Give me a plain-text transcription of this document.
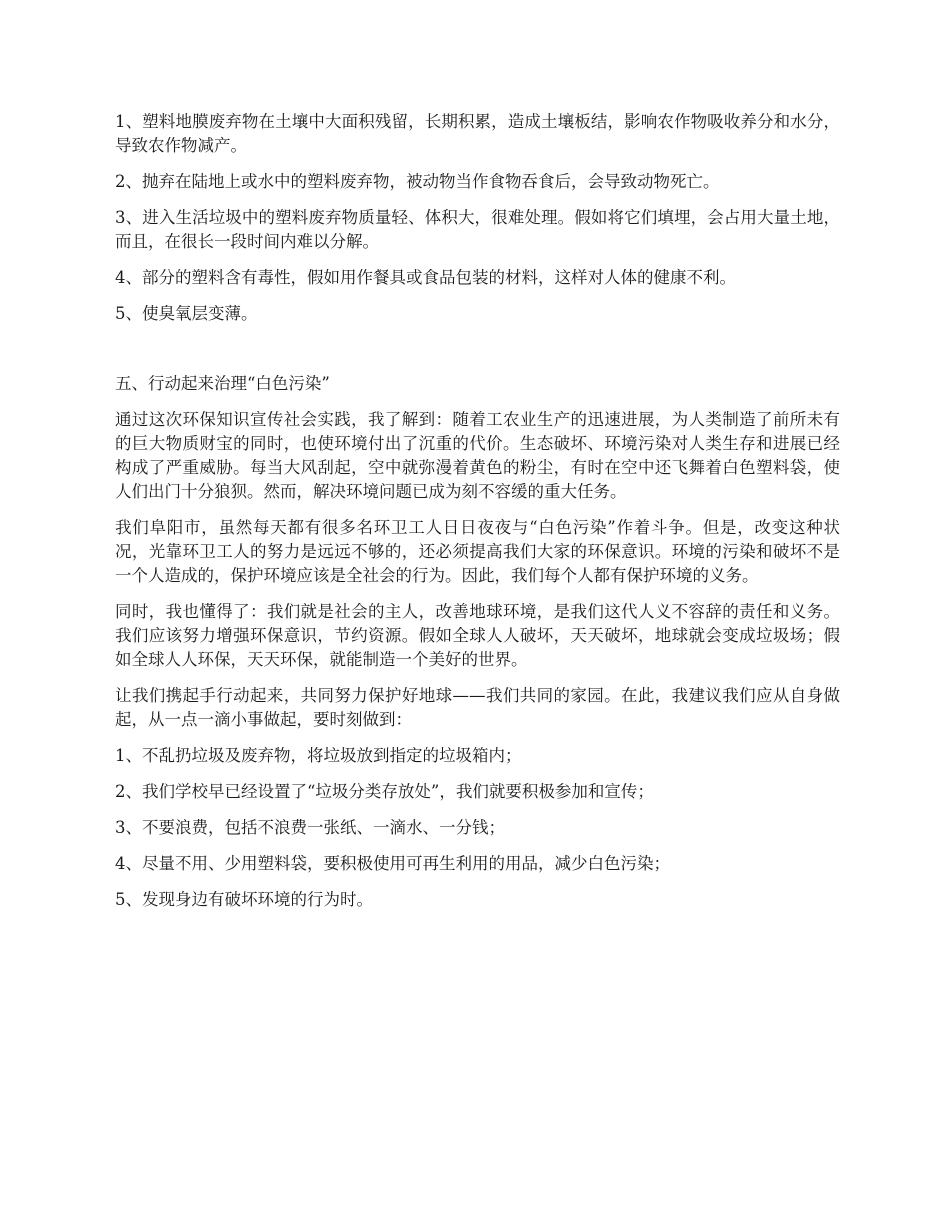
1、塑料地膜废弃物在土壤中大面积残留，长期积累，造成土壤板结，影响农作物吸收养分和水分，导致农作物减产。

2、抛弃在陆地上或水中的塑料废弃物，被动物当作食物吞食后，会导致动物死亡。

3、进入生活垃圾中的塑料废弃物质量轻、体积大，很难处理。假如将它们填埋，会占用大量土地，而且，在很长一段时间内难以分解。

4、部分的塑料含有毒性，假如用作餐具或食品包装的材料，这样对人体的健康不利。

5、使臭氧层变薄。

五、行动起来治理“白色污染”

通过这次环保知识宣传社会实践，我了解到：随着工农业生产的迅速进展，为人类制造了前所未有的巨大物质财宝的同时，也使环境付出了沉重的代价。生态破坏、环境污染对人类生存和进展已经构成了严重威胁。每当大风刮起，空中就弥漫着黄色的粉尘，有时在空中还飞舞着白色塑料袋，使人们出门十分狼狈。然而，解决环境问题已成为刻不容缓的重大任务。

我们阜阳市，虽然每天都有很多名环卫工人日日夜夜与“白色污染”作着斗争。但是，改变这种状况，光靠环卫工人的努力是远远不够的，还必须提高我们大家的环保意识。环境的污染和破坏不是一个人造成的，保护环境应该是全社会的行为。因此，我们每个人都有保护环境的义务。

同时，我也懂得了：我们就是社会的主人，改善地球环境，是我们这代人义不容辞的责任和义务。我们应该努力增强环保意识，节约资源。假如全球人人破坏，天天破坏，地球就会变成垃圾场；假如全球人人环保，天天环保，就能制造一个美好的世界。

让我们携起手行动起来，共同努力保护好地球——我们共同的家园。在此，我建议我们应从自身做起，从一点一滴小事做起，要时刻做到：

1、不乱扔垃圾及废弃物，将垃圾放到指定的垃圾箱内；

2、我们学校早已经设置了“垃圾分类存放处”，我们就要积极参加和宣传；

3、不要浪费，包括不浪费一张纸、一滴水、一分钱；

4、尽量不用、少用塑料袋，要积极使用可再生利用的用品，减少白色污染；

5、发现身边有破坏环境的行为时。
